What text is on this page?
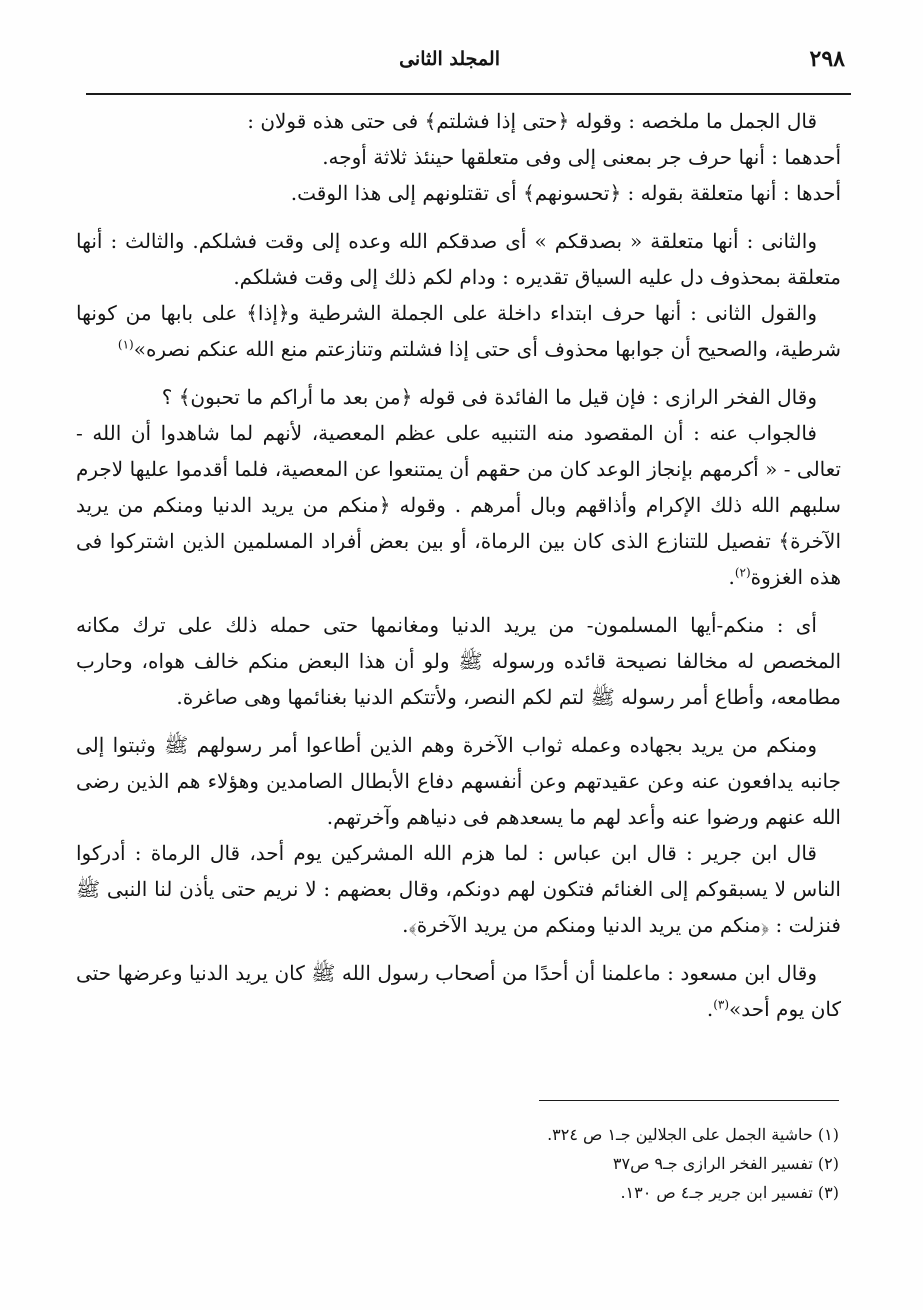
٢٩٨
المجلد الثانى

قال الجمل ما ملخصه : وقوله ﴿حتى إذا فشلتم﴾ فى حتى هذه قولان :

أحدهما : أنها حرف جر بمعنى إلى وفى متعلقها حينئذ ثلاثة أوجه.

أحدها : أنها متعلقة بقوله : ﴿تحسونهم﴾ أى تقتلونهم إلى هذا الوقت.

والثانى : أنها متعلقة « بصدقكم » أى صدقكم الله وعده إلى وقت فشلكم. والثالث : أنها متعلقة بمحذوف دل عليه السياق تقديره : ودام لكم ذلك إلى وقت فشلكم.

والقول الثانى : أنها حرف ابتداء داخلة على الجملة الشرطية و﴿إذا﴾ على بابها من كونها شرطية، والصحيح أن جوابها محذوف أى حتى إذا فشلتم وتنازعتم منع الله عنكم نصره»$^{(١)}$

وقال الفخر الرازى : فإن قيل ما الفائدة فى قوله ﴿من بعد ما أراكم ما تحبون﴾ ؟

فالجواب عنه : أن المقصود منه التنبيه على عظم المعصية، لأنهم لما شاهدوا أن الله - تعالى - « أكرمهم بإنجاز الوعد كان من حقهم أن يمتنعوا عن المعصية، فلما أقدموا عليها لاجرم سلبهم الله ذلك الإكرام وأذاقهم وبال أمرهم . وقوله ﴿منكم من يريد الدنيا ومنكم من يريد الآخرة﴾ تفصيل للتنازع الذى كان بين الرماة، أو بين بعض أفراد المسلمين الذين اشتركوا فى هذه الغزوة$^{(٢)}$.

أى : منكم-أيها المسلمون- من يريد الدنيا ومغانمها حتى حمله ذلك على ترك مكانه المخصص له مخالفا نصيحة قائده ورسوله ﷺ ولو أن هذا البعض منكم خالف هواه، وحارب مطامعه، وأطاع أمر رسوله ﷺ لتم لكم النصر، ولأتتكم الدنيا بغنائمها وهى صاغرة.

ومنكم من يريد بجهاده وعمله ثواب الآخرة وهم الذين أطاعوا أمر رسولهم ﷺ وثبتوا إلى جانبه يدافعون عنه وعن عقيدتهم وعن أنفسهم دفاع الأبطال الصامدين وهؤلاء هم الذين رضى الله عنهم ورضوا عنه وأعد لهم ما يسعدهم فى دنياهم وآخرتهم.

قال ابن جرير : قال ابن عباس : لما هزم الله المشركين يوم أحد، قال الرماة : أدركوا الناس لا يسبقوكم إلى الغنائم فتكون لهم دونكم، وقال بعضهم : لا نريم حتى يأذن لنا النبى ﷺ فنزلت : ﴿منكم من يريد الدنيا ومنكم من يريد الآخرة﴾.

وقال ابن مسعود : ماعلمنا أن أحدًا من أصحاب رسول الله ﷺ كان يريد الدنيا وعرضها حتى كان يوم أحد»$^{(٣)}$.

(١) حاشية الجمل على الجلالين جـ١ ص ٣٢٤.

(٢) تفسير الفخر الرازى جـ٩ ص٣٧

(٣) تفسير ابن جرير جـ٤ ص ١٣٠.
